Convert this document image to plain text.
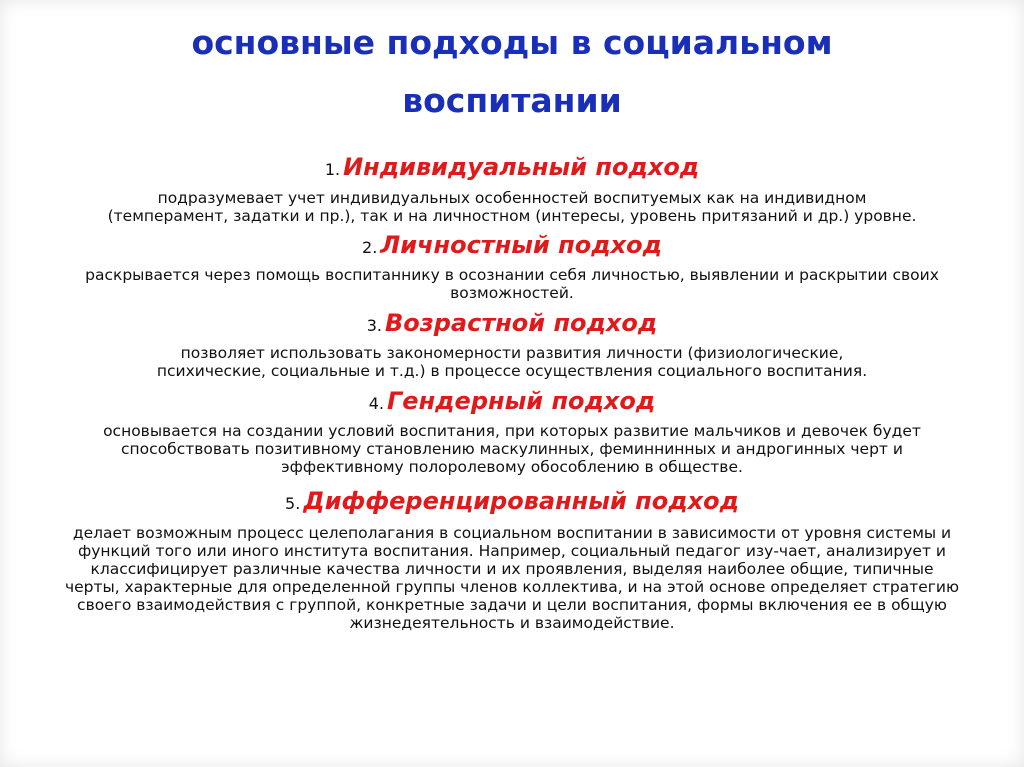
основные подходы в социальном
воспитании

1. Индивидуальный подход

подразумевает учет индивидуальных особенностей воспитуемых как на индивидном (темперамент, задатки и пр.), так и на личностном (интересы, уровень притязаний и др.) уровне.

2. Личностный подход

раскрывается через помощь воспитаннику в осознании себя личностью, выявлении и раскрытии своих возможностей.

3. Возрастной подход

позволяет использовать закономерности развития личности (физиологические, психические, социальные и т.д.) в процессе осуществления социального воспитания.

4. Гендерный подход

основывается на создании условий воспитания, при которых развитие мальчиков и девочек будет способствовать позитивному становлению маскулинных, феминнинных и андрогинных черт и эффективному полоролевому обособлению в обществе.

5. Дифференцированный подход

делает возможным процесс целеполагания в социальном воспитании в зависимости от уровня системы и функций того или иного института воспитания. Например, социальный педагог изу-чает, анализирует и классифицирует различные качества личности и их проявления, выделяя наиболее общие, типичные черты, характерные для определенной группы членов коллектива, и на этой основе определяет стратегию своего взаимодействия с группой, конкретные задачи и цели воспитания, формы включения ее в общую жизнедеятельность и взаимодействие.
